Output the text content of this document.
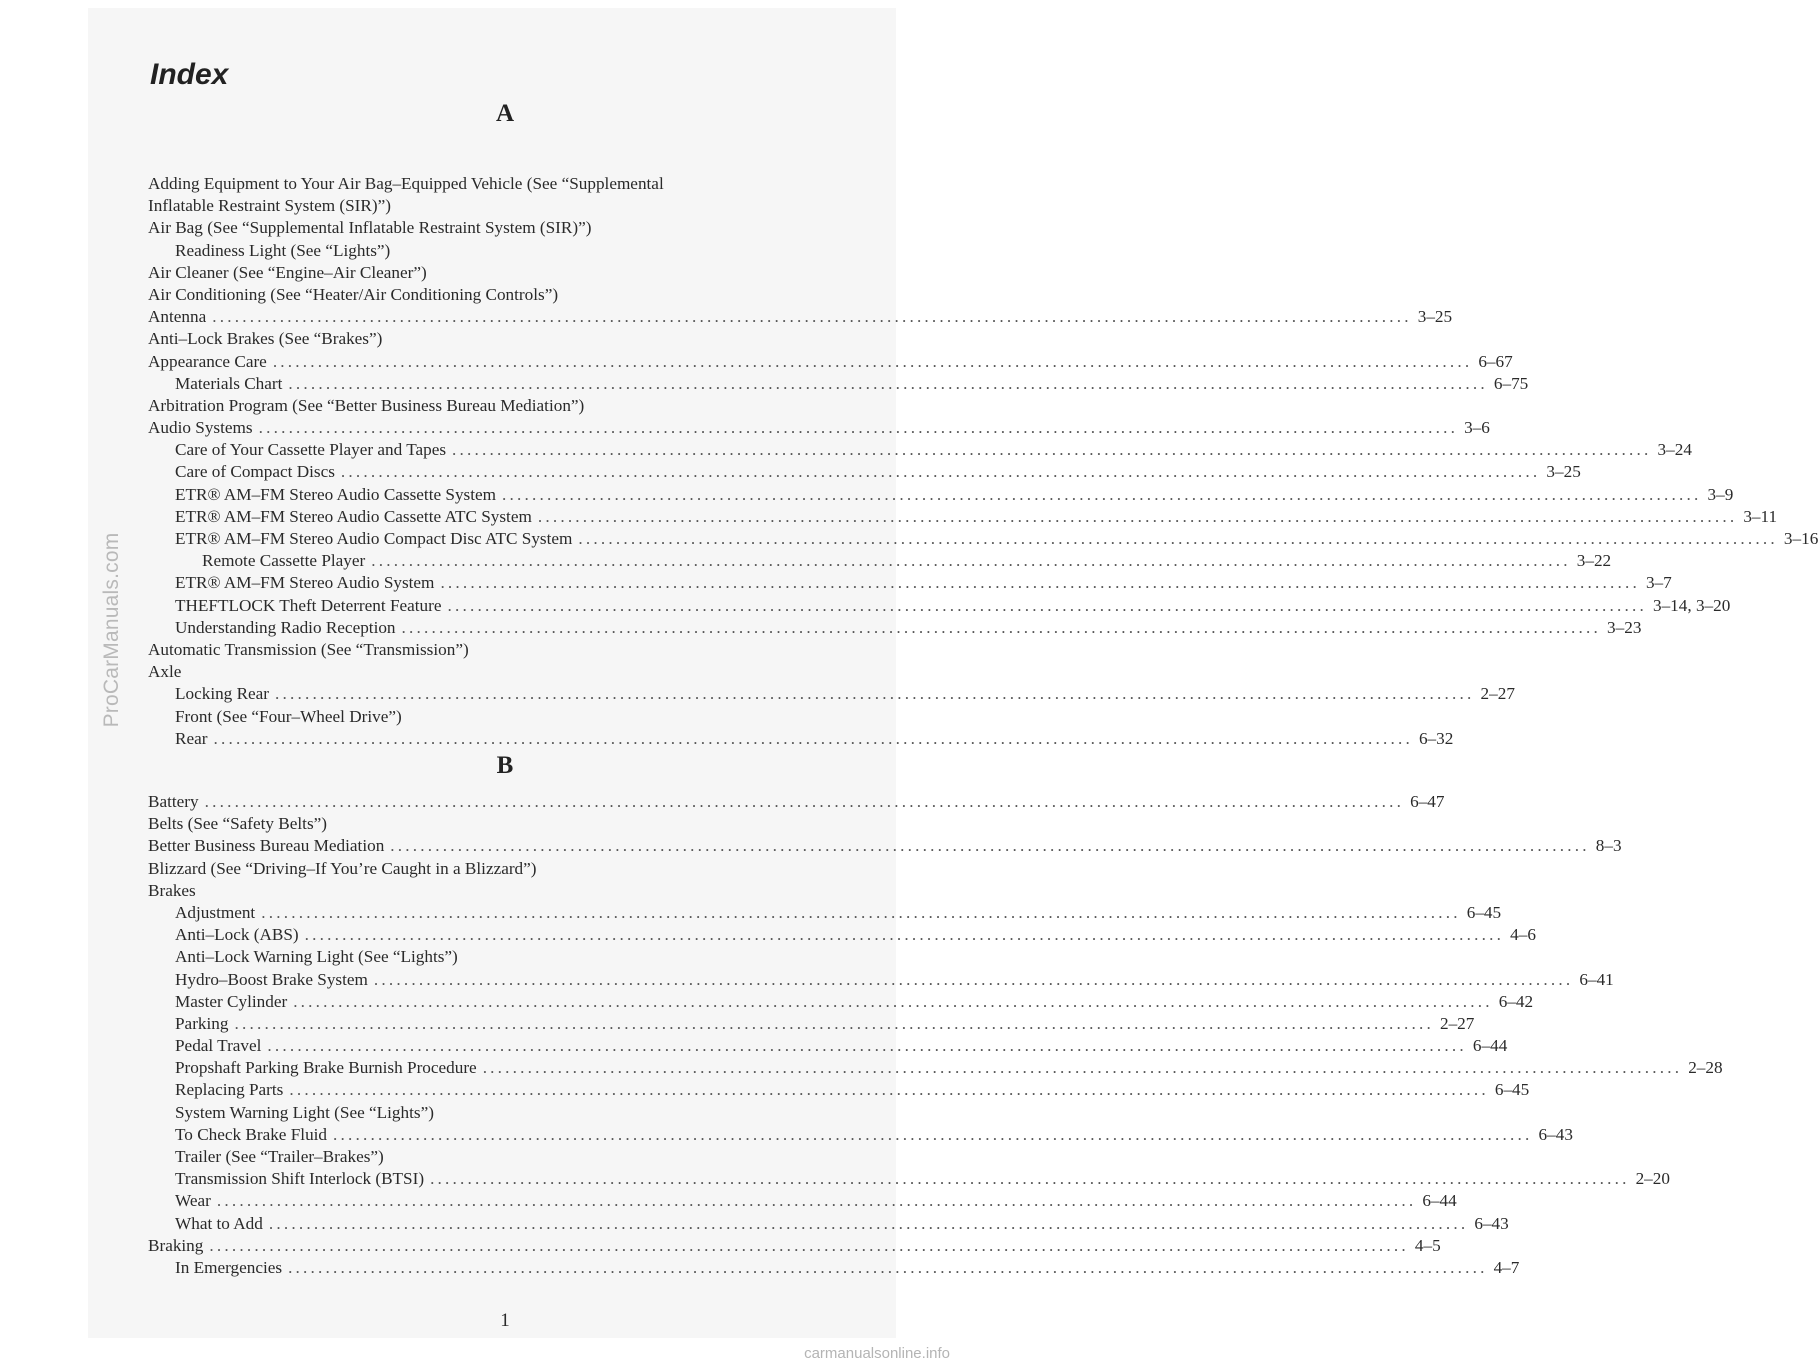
ProCarManuals.com
Index
A
Adding Equipment to Your Air Bag–Equipped Vehicle (See “Supplemental
Inflatable Restraint System (SIR)”)
Air Bag (See “Supplemental Inflatable Restraint System (SIR)”)
Readiness Light (See “Lights”)
Air Cleaner (See “Engine–Air Cleaner”)
Air Conditioning (See “Heater/Air Conditioning Controls”)
Antenna ................................................................................................................................................................ 3–25
Anti–Lock Brakes (See “Brakes”)
Appearance Care ................................................................................................................................................................ 6–67
Materials Chart ................................................................................................................................................................ 6–75
Arbitration Program (See “Better Business Bureau Mediation”)
Audio Systems ................................................................................................................................................................ 3–6
Care of Your Cassette Player and Tapes ................................................................................................................................................................ 3–24
Care of Compact Discs ................................................................................................................................................................ 3–25
ETR® AM–FM Stereo Audio Cassette System ................................................................................................................................................................ 3–9
ETR® AM–FM Stereo Audio Cassette ATC System ................................................................................................................................................................ 3–11
ETR® AM–FM Stereo Audio Compact Disc ATC System ................................................................................................................................................................ 3–16
Remote Cassette Player ................................................................................................................................................................ 3–22
ETR® AM–FM Stereo Audio System ................................................................................................................................................................ 3–7
THEFTLOCK Theft Deterrent Feature ................................................................................................................................................................ 3–14, 3–20
Understanding Radio Reception ................................................................................................................................................................ 3–23
Automatic Transmission (See “Transmission”)
Axle
Locking Rear ................................................................................................................................................................ 2–27
Front (See “Four–Wheel Drive”)
Rear ................................................................................................................................................................ 6–32
B
Battery ................................................................................................................................................................ 6–47
Belts (See “Safety Belts”)
Better Business Bureau Mediation ................................................................................................................................................................ 8–3
Blizzard (See “Driving–If You’re Caught in a Blizzard”)
Brakes
Adjustment ................................................................................................................................................................ 6–45
Anti–Lock (ABS) ................................................................................................................................................................ 4–6
Anti–Lock Warning Light (See “Lights”)
Hydro–Boost Brake System ................................................................................................................................................................ 6–41
Master Cylinder ................................................................................................................................................................ 6–42
Parking ................................................................................................................................................................ 2–27
Pedal Travel ................................................................................................................................................................ 6–44
Propshaft Parking Brake Burnish Procedure ................................................................................................................................................................ 2–28
Replacing Parts ................................................................................................................................................................ 6–45
System Warning Light (See “Lights”)
To Check Brake Fluid ................................................................................................................................................................ 6–43
Trailer (See “Trailer–Brakes”)
Transmission Shift Interlock (BTSI) ................................................................................................................................................................ 2–20
Wear ................................................................................................................................................................ 6–44
What to Add ................................................................................................................................................................ 6–43
Braking ................................................................................................................................................................ 4–5
In Emergencies ................................................................................................................................................................ 4–7
1
carmanualsonline.info
